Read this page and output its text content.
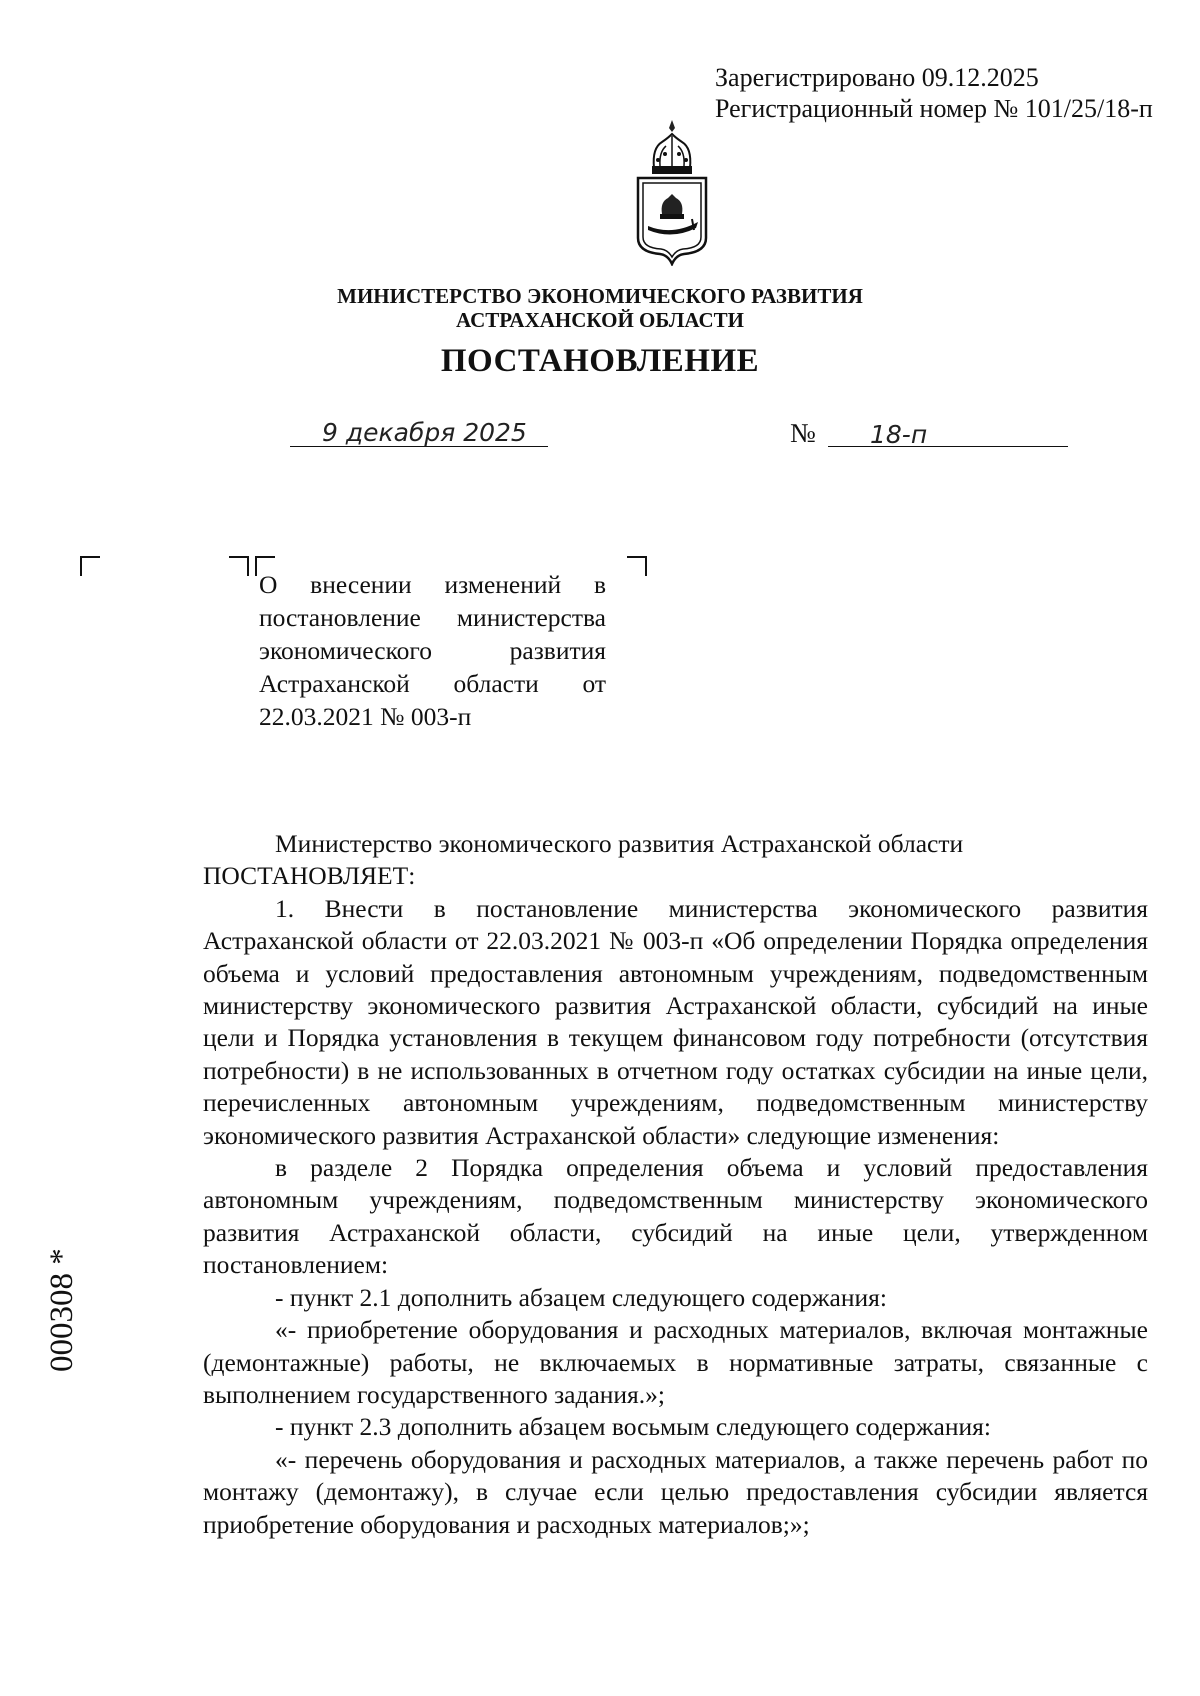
Зарегистрировано 09.12.2025
Регистрационный номер № 101/25/18-п
МИНИСТЕРСТВО ЭКОНОМИЧЕСКОГО РАЗВИТИЯ
АСТРАХАНСКОЙ ОБЛАСТИ
ПОСТАНОВЛЕНИЕ
9 декабря 2025	№ 18-п
О внесении изменений в постановление министерства экономического развития Астраханской области от 22.03.2021 № 003-п

Министерство экономического развития Астраханской области

ПОСТАНОВЛЯЕТ:

1. Внести в постановление министерства экономического развития Астраханской области от 22.03.2021 № 003-п «Об определении Порядка определения объема и условий предоставления автономным учреждениям, подведомственным министерству экономического развития Астраханской области, субсидий на иные цели и Порядка установления в текущем финансовом году потребности (отсутствия потребности) в не использованных в отчетном году остатках субсидии на иные цели, перечисленных автономным учреждениям, подведомственным министерству экономического развития Астраханской области» следующие изменения:

в разделе 2 Порядка определения объема и условий предоставления автономным учреждениям, подведомственным министерству экономического развития Астраханской области, субсидий на иные цели, утвержденном постановлением:

- пункт 2.1 дополнить абзацем следующего содержания:

«- приобретение оборудования и расходных материалов, включая монтажные (демонтажные) работы, не включаемых в нормативные затраты, связанные с выполнением государственного задания.»;

- пункт 2.3 дополнить абзацем восьмым следующего содержания:

«- перечень оборудования и расходных материалов, а также перечень работ по монтажу (демонтажу), в случае если целью предоставления субсидии является приобретение оборудования и расходных материалов;»;

000308 *
